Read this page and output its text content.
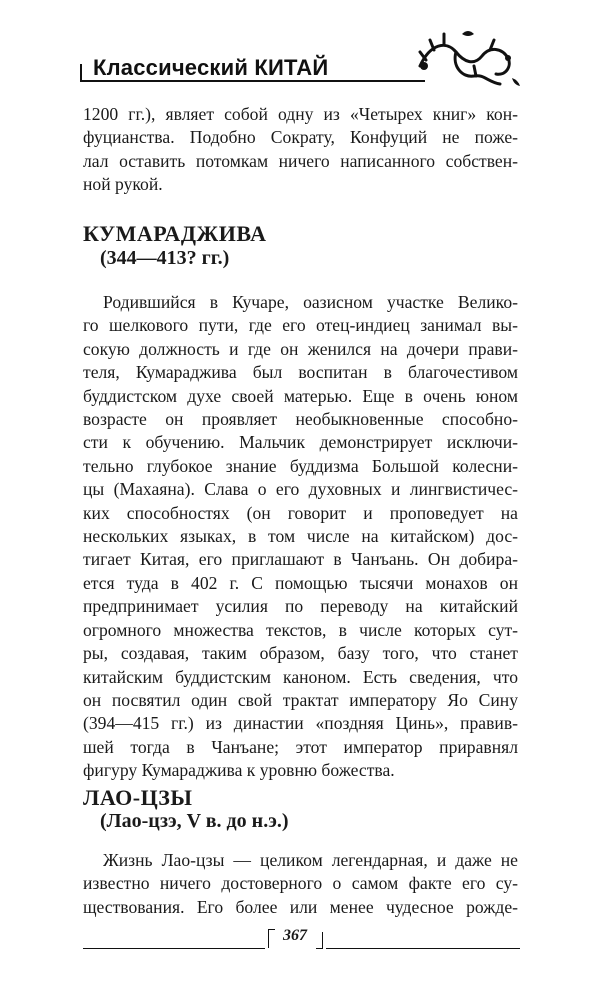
Классический КИТАЙ
1200 гг.), являет собой одну из «Четырех книг» кон-
фуцианства. Подобно Сократу, Конфуций не поже-
лал оставить потомкам ничего написанного собствен-
ной рукой.
КУМАРАДЖИВА
(344—413? гг.)
Родившийся в Кучаре, оазисном участке Велико-
го шелкового пути, где его отец-индиец занимал вы-
сокую должность и где он женился на дочери прави-
теля, Кумараджива был воспитан в благочестивом
буддистском духе своей матерью. Еще в очень юном
возрасте он проявляет необыкновенные способно-
сти к обучению. Мальчик демонстрирует исключи-
тельно глубокое знание буддизма Большой колесни-
цы (Махаяна). Слава о его духовных и лингвистичес-
ких способностях (он говорит и проповедует на
нескольких языках, в том числе на китайском) дос-
тигает Китая, его приглашают в Чанъань. Он добира-
ется туда в 402 г. С помощью тысячи монахов он
предпринимает усилия по переводу на китайский
огромного множества текстов, в числе которых сут-
ры, создавая, таким образом, базу того, что станет
китайским буддистским каноном. Есть сведения, что
он посвятил один свой трактат императору Яо Сину
(394—415 гг.) из династии «поздняя Цинь», правив-
шей тогда в Чанъане; этот император приравнял
фигуру Кумараджива к уровню божества.
ЛАО-ЦЗЫ
(Лао-цзэ, V в. до н.э.)
Жизнь Лао-цзы — целиком легендарная, и даже не
известно ничего достоверного о самом факте его су-
ществования. Его более или менее чудесное рожде-
367
